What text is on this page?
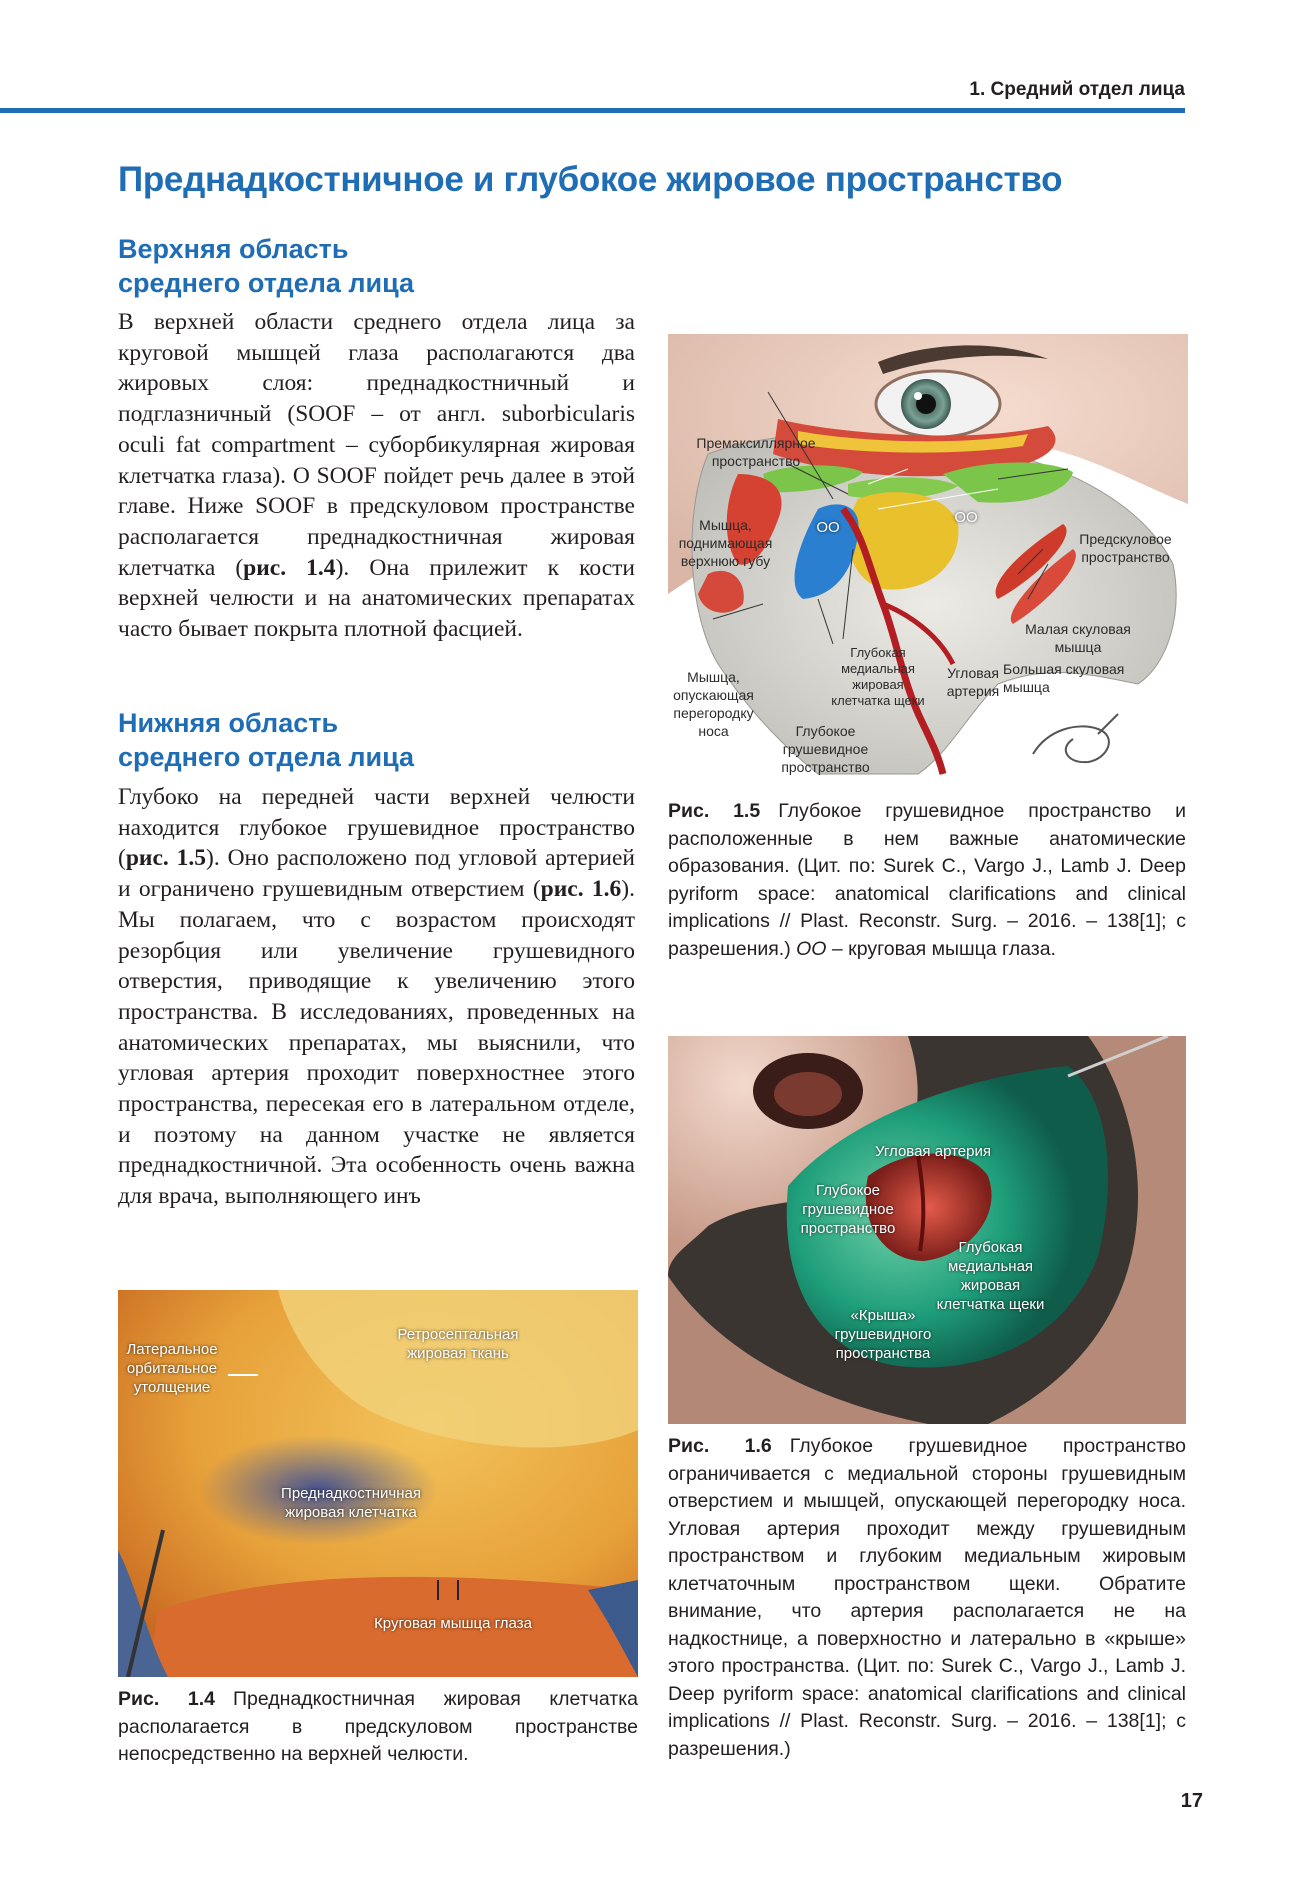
1. Средний отдел лица
Преднадкостничное и глубокое жировое пространство
Верхняя область
среднего отдела лица

В верхней области среднего отдела лица за круговой мышцей глаза располагаются два жировых слоя: преднадкостничный и подглазничный (SOOF – от англ. suborbicularis oculi fat compartment – суборбикулярная жировая клетчатка глаза). О SOOF пойдет речь далее в этой главе. Ниже SOOF в предскуловом пространстве располагается преднадкостничная жировая клетчатка (рис. 1.4). Она прилежит к кости верхней челюсти и на анатомических препаратах часто бывает покрыта плотной фасцией.

Нижняя область
среднего отдела лица

Глубоко на передней части верхней челюсти находится глубокое грушевидное пространство (рис. 1.5). Оно расположено под угловой артерией и ограничено грушевидным отверстием (рис. 1.6). Мы полагаем, что с возрастом происходят резорбция или увеличение грушевидного отверстия, приводящие к увеличению этого пространства. В исследованиях, проведенных на анатомических препаратах, мы выяснили, что угловая артерия проходит поверхностнее этого пространства, пересекая его в латеральном отделе, и поэтому на данном участке не является преднадкостничной. Эта особенность очень важна для врача, выполняющего инъ

Премаксиллярное
пространство
Мышца,
поднимающая
верхнюю губу
ОО
ОО
Предскуловое
пространство
Малая скуловая
мышца
Большая скуловая
мышца
Угловая
артерия
Глубокая
медиальная
жировая
клетчатка щеки
Мышца,
опускающая
перегородку
носа	Глубокое
грушевидное
пространство

Рис. 1.5 Глубокое грушевидное пространство и расположенные в нем важные анатомические образования. (Цит. по: Surek C., Vargo J., Lamb J. Deep pyriform space: anatomical clarifications and clinical implications // Plast. Reconstr. Surg. – 2016. – 138[1]; с разрешения.) ОО – круговая мышца глаза.

Угловая артерия
Глубокое
грушевидное
пространство
Глубокая
медиальная
жировая
клетчатка щеки
«Крыша»
грушевидного
пространства

Рис. 1.6 Глубокое грушевидное пространство ограничивается с медиальной стороны грушевидным отверстием и мышцей, опускающей перегородку носа. Угловая артерия проходит между грушевидным пространством и глубоким медиальным жировым клетчаточным пространством щеки. Обратите внимание, что артерия располагается не на надкостнице, а поверхностно и латерально в «крыше» этого пространства. (Цит. по: Surek C., Vargo J., Lamb J. Deep pyriform space: anatomical clarifications and clinical implications // Plast. Reconstr. Surg. – 2016. – 138[1]; с разрешения.)

Латеральное
орбитальное
утолщение
Ретросептальная
жировая ткань
Преднадкостничная
жировая клетчатка
Круговая мышца глаза

Рис. 1.4 Преднадкостничная жировая клетчатка располагается в предскуловом пространстве непосредственно на верхней челюсти.

17
